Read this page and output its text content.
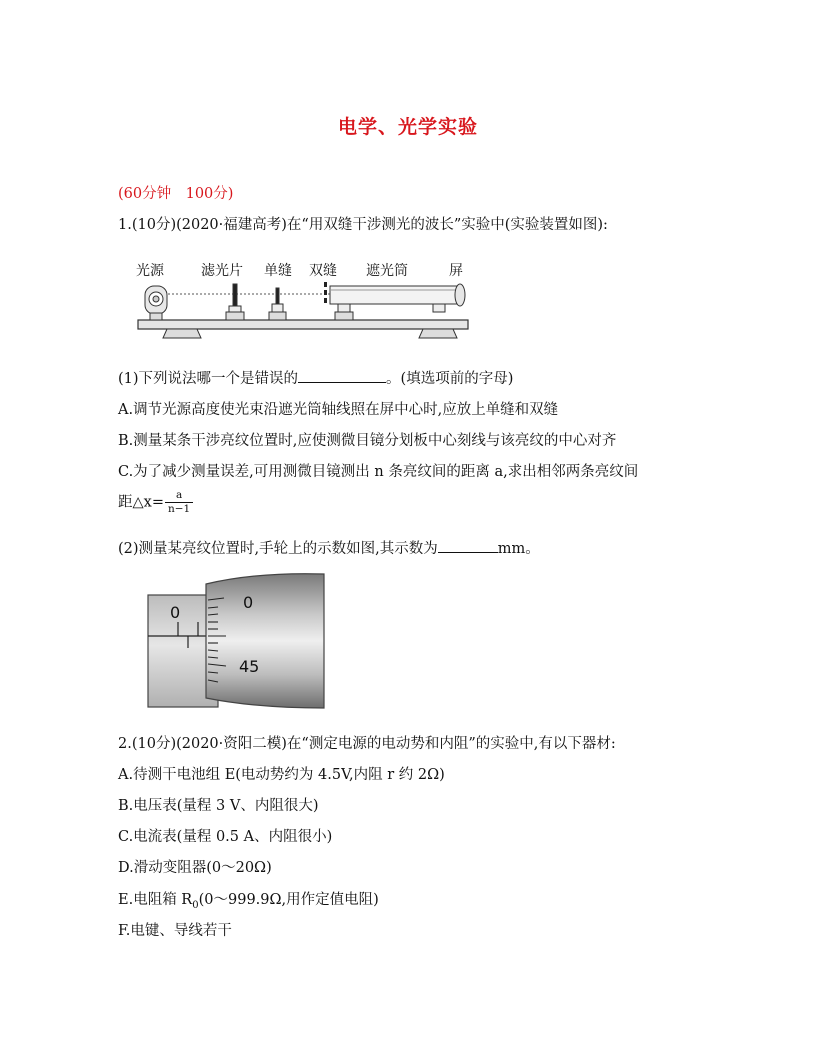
电学、光学实验
(60分钟　100分)
1.(10分)(2020·福建高考)在“用双缝干涉测光的波长”实验中(实验装置如图):
光源	滤光片 单缝 双缝 遮光筒	屏
(1)下列说法哪一个是错误的	。(填选项前的字母)
A.调节光源高度使光束沿遮光筒轴线照在屏中心时,应放上单缝和双缝
B.测量某条干涉亮纹位置时,应使测微目镜分划板中心刻线与该亮纹的中心对齐
C.为了减少测量误差,可用测微目镜测出 n 条亮纹间的距离 a,求出相邻两条亮纹间
距△x= $\frac{a}{n-1}$
(2)测量某亮纹位置时,手轮上的示数如图,其示数为	mm。
0
0
45
2.(10分)(2020·资阳二模)在“测定电源的电动势和内阻”的实验中,有以下器材:
A.待测干电池组 E(电动势约为 4.5V,内阻 r 约 2Ω)
B.电压表(量程 3 V、内阻很大)
C.电流表(量程 0.5 A、内阻很小)
D.滑动变阻器(0～20Ω)
E.电阻箱 $R_0(0\sim 999.9\Omega$,用作定值电阻)
F.电键、导线若干
